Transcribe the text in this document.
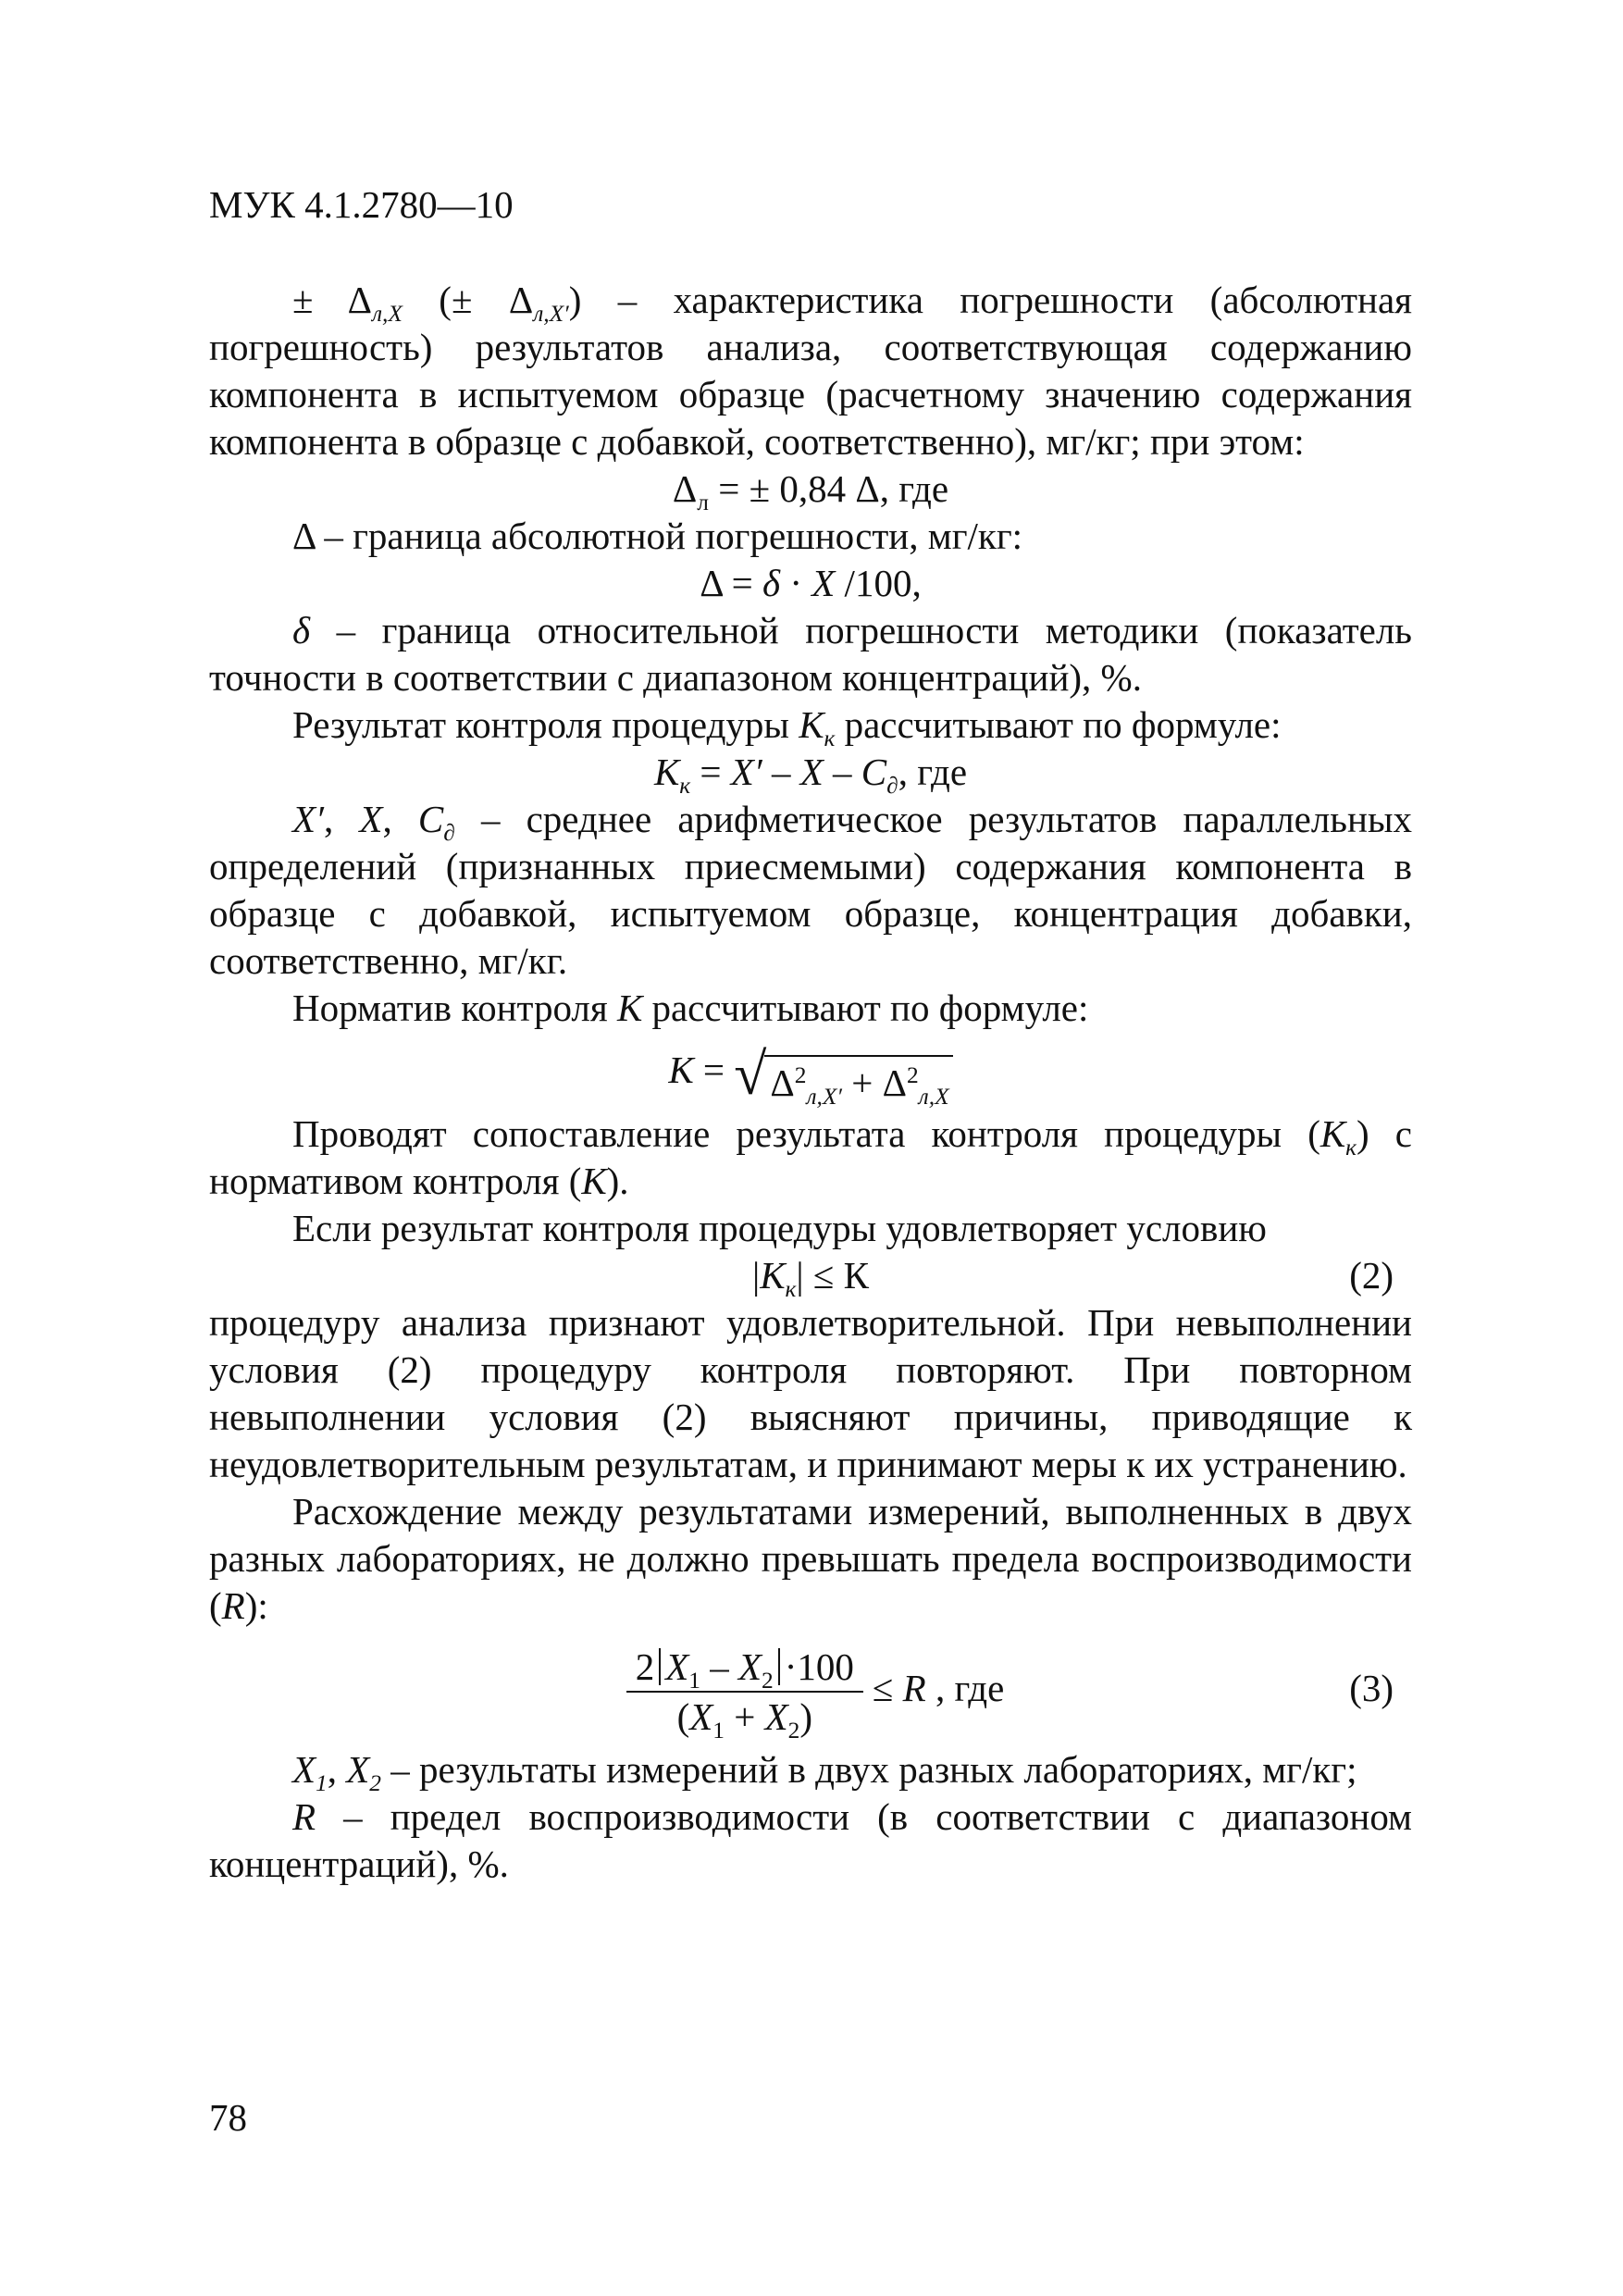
МУК 4.1.2780—10

± $\Delta_{л,X}$ (± $\Delta_{л,X'}$) – характеристика погрешности (абсолютная погрешность) результатов анализа, соответствующая содержанию компонента в испытуемом образце (расчетному значению содержания компонента в образце с добавкой, соответственно), мг/кг; при этом:

$\Delta_л$ = ± 0,84 Δ, где

Δ – граница абсолютной погрешности, мг/кг:

Δ = δ · X /100,

δ – граница относительной погрешности методики (показатель точности в соответствии с диапазоном концентраций), %.

Результат контроля процедуры $К_к$ рассчитывают по формуле:

$К_к = X' - X - C_\partial$, где

X′, X, $C_\partial$ – среднее арифметическое результатов параллельных определений (признанных приесмемыми) содержания компонента в образце с добавкой, испытуемом образце, концентрация добавки, соответственно, мг/кг.

Норматив контроля К рассчитывают по формуле:

К = √ $\Delta^2_{л,X'} + \Delta^2_{л,X}$

Проводят сопоставление результата контроля процедуры $(К_к)$ с нормативом контроля (К).

Если результат контроля процедуры удовлетворяет условию

$|К_к| \le К$	(2)

процедуру анализа признают удовлетворительной. При невыполнении условия (2) процедуру контроля повторяют. При повторном невыполнении условия (2) выясняют причины, приводящие к неудовлетворительным результатам, и принимают меры к их устранению.

Расхождение между результатами измерений, выполненных в двух разных лабораториях, не должно превышать предела воспроизводимости (R):

$\frac{2 X_1 - X_2 \cdot 100}{(X_1 + X_2)} \le R$ , где	(3)

$X_1$, $X_2$ – результаты измерений в двух разных лабораториях, мг/кг;

R – предел воспроизводимости (в соответствии с диапазоном концентраций), %.

78
